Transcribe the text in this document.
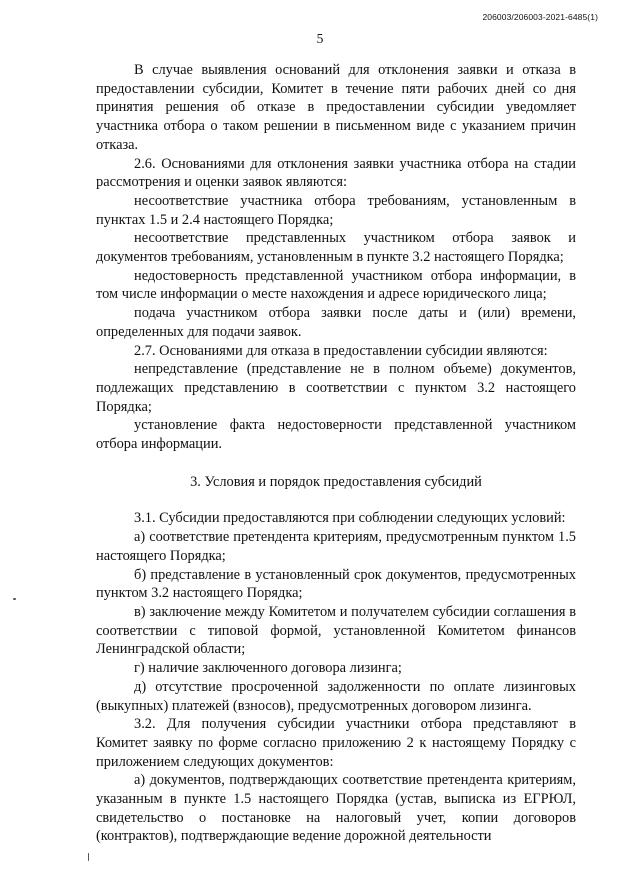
206003/206003-2021-6485(1)
5

В случае выявления оснований для отклонения заявки и отказа в предоставлении субсидии, Комитет в течение пяти рабочих дней со дня принятия решения об отказе в предоставлении субсидии уведомляет участника отбора о таком решении в письменном виде с указанием причин отказа.

2.6. Основаниями для отклонения заявки участника отбора на стадии рассмотрения и оценки заявок являются:

несоответствие участника отбора требованиям, установленным в пунктах 1.5 и 2.4 настоящего Порядка;

несоответствие представленных участником отбора заявок и документов требованиям, установленным в пункте 3.2 настоящего Порядка;

недостоверность представленной участником отбора информации, в том числе информации о месте нахождения и адресе юридического лица;

подача участником отбора заявки после даты и (или) времени, определенных для подачи заявок.

2.7. Основаниями для отказа в предоставлении субсидии являются:

непредставление (представление не в полном объеме) документов, подлежащих представлению в соответствии с пунктом 3.2 настоящего Порядка;

установление факта недостоверности представленной участником отбора информации.

3. Условия и порядок предоставления субсидий

3.1. Субсидии предоставляются при соблюдении следующих условий:

а) соответствие претендента критериям, предусмотренным пунктом 1.5 настоящего Порядка;

б) представление в установленный срок документов, предусмотренных пунктом 3.2 настоящего Порядка;

в) заключение между Комитетом и получателем субсидии соглашения в соответствии с типовой формой, установленной Комитетом финансов Ленинградской области;

г) наличие заключенного договора лизинга;

д) отсутствие просроченной задолженности по оплате лизинговых (выкупных) платежей (взносов), предусмотренных договором лизинга.

3.2. Для получения субсидии участники отбора представляют в Комитет заявку по форме согласно приложению 2 к настоящему Порядку с приложением следующих документов:

а) документов, подтверждающих соответствие претендента критериям, указанным в пункте 1.5 настоящего Порядка (устав, выписка из ЕГРЮЛ, свидетельство о постановке на налоговый учет, копии договоров (контрактов), подтверждающие ведение дорожной деятельности
